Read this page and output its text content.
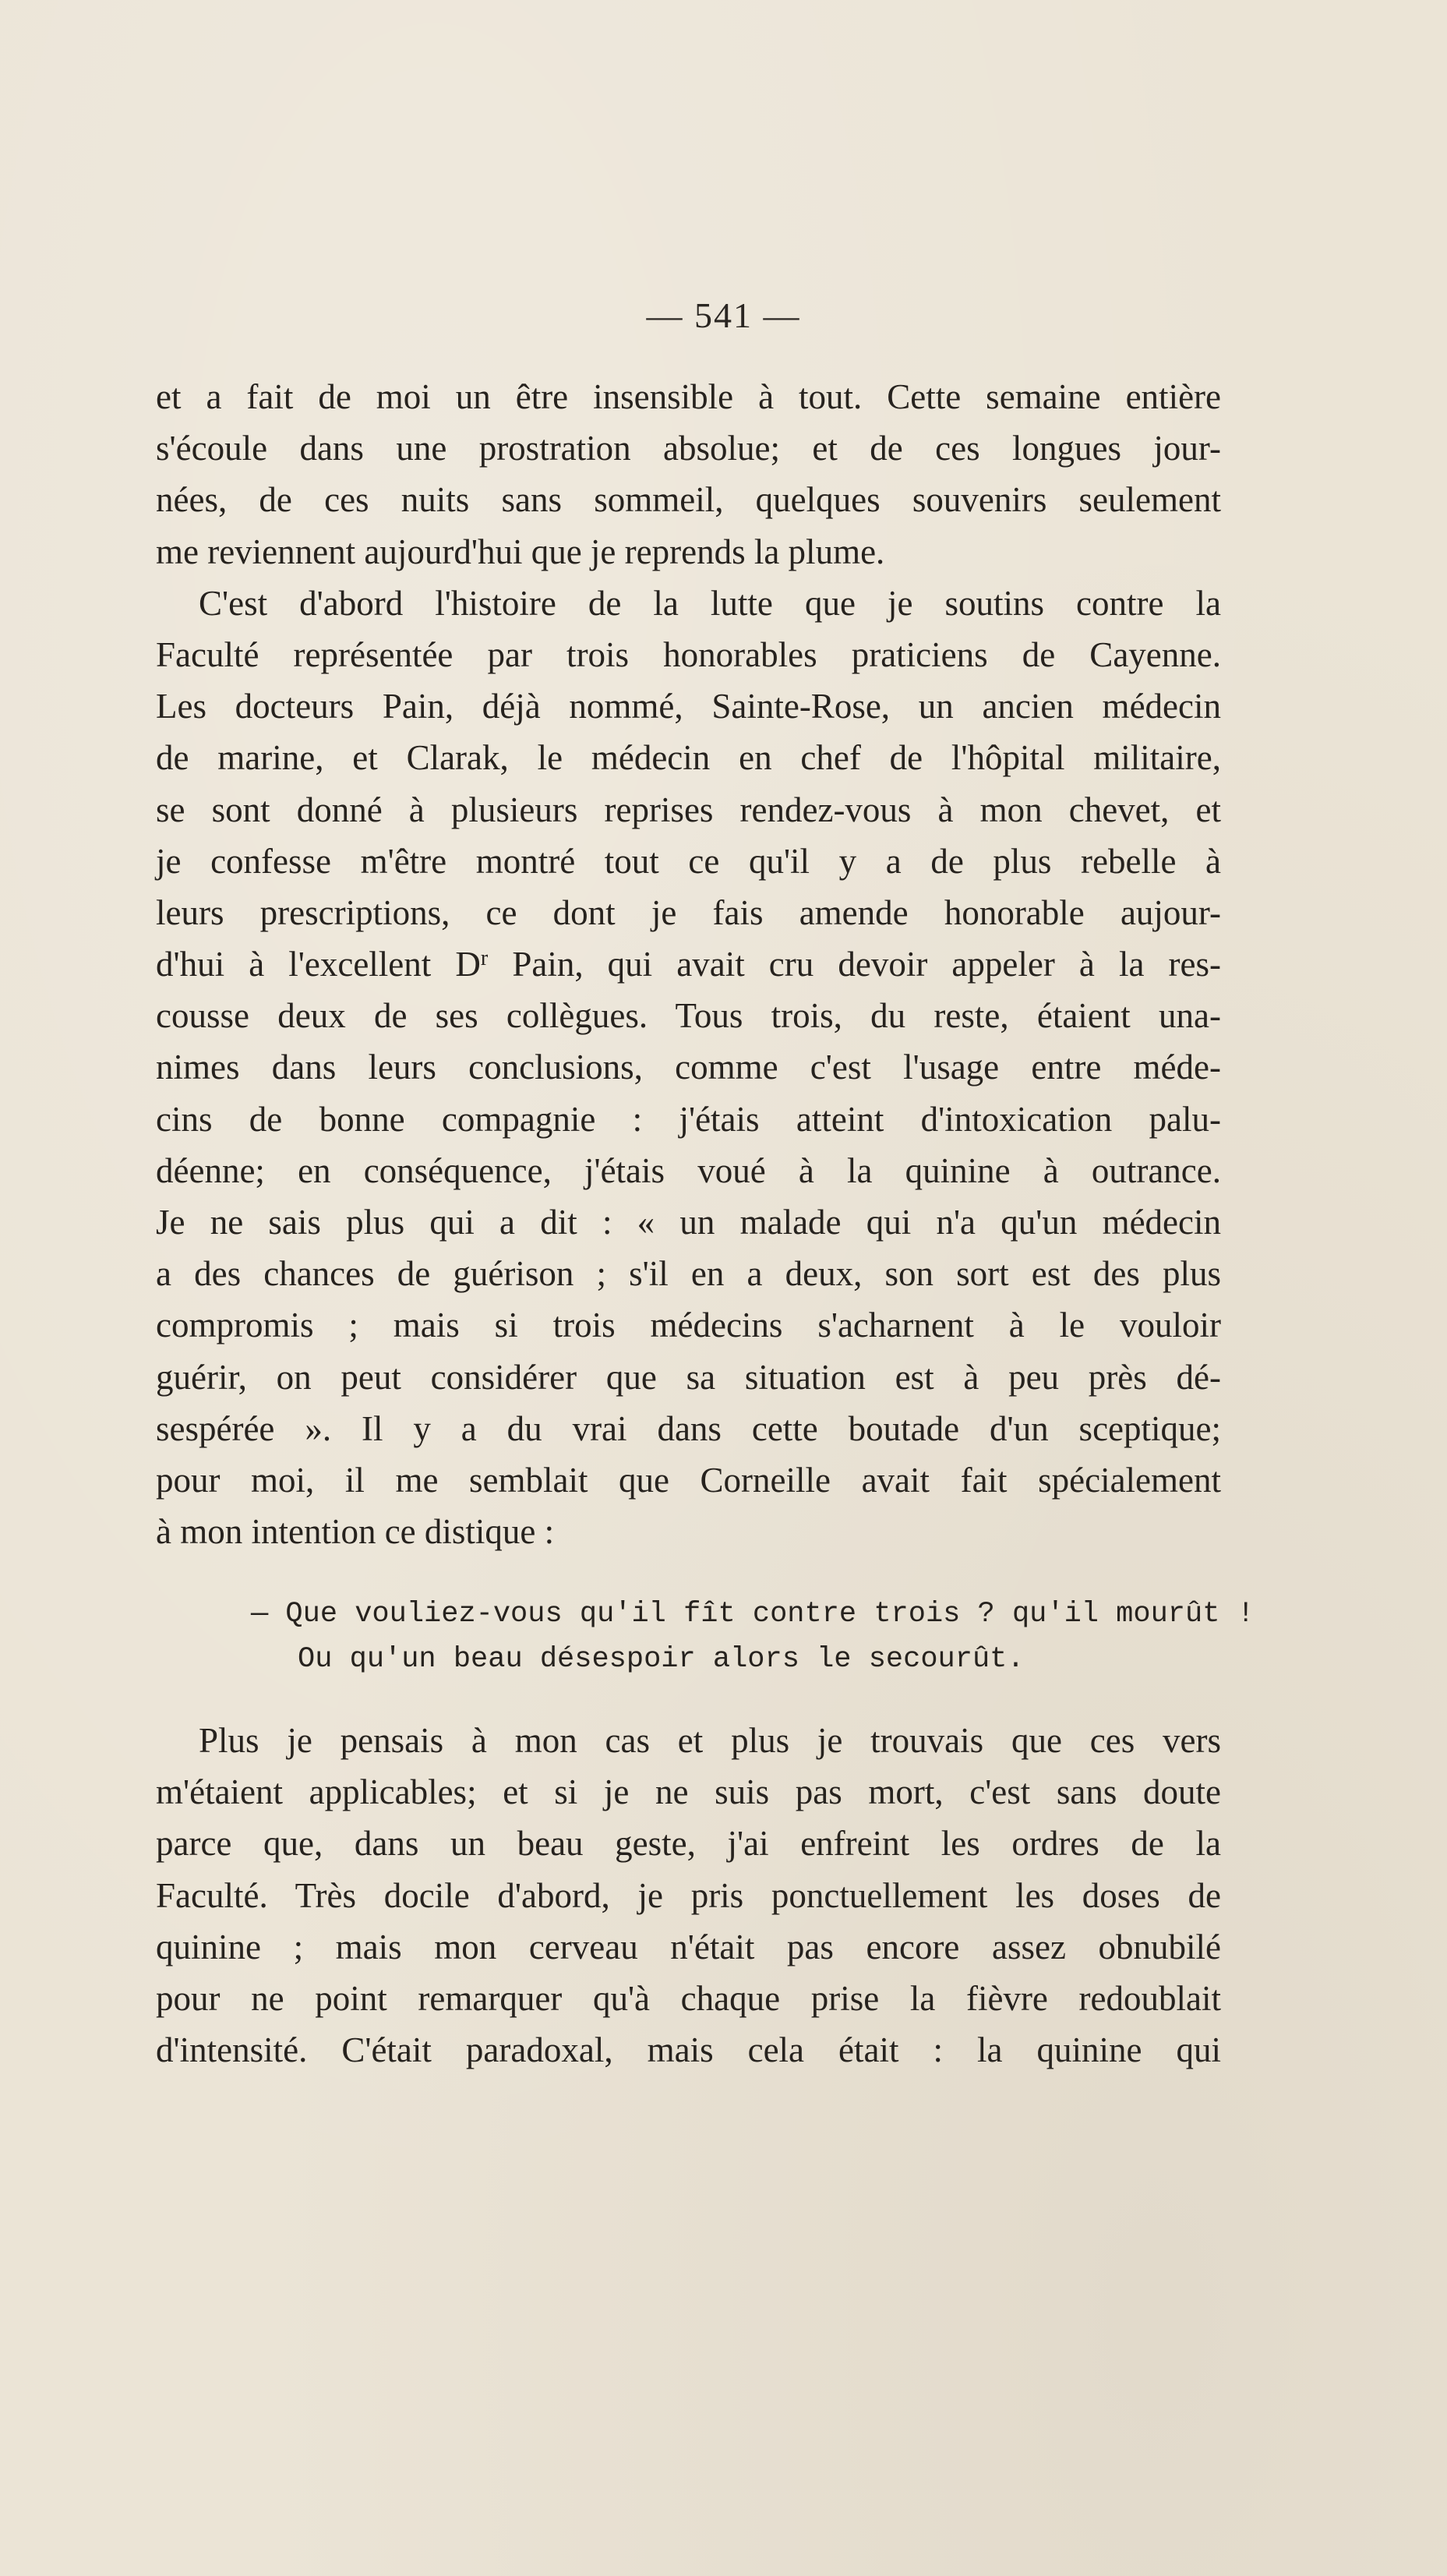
— 541 —
et a fait de moi un être insensible à tout. Cette semaine entière
s'écoule dans une prostration absolue; et de ces longues jour-
nées, de ces nuits sans sommeil, quelques souvenirs seulement
me reviennent aujourd'hui que je reprends la plume.
C'est d'abord l'histoire de la lutte que je soutins contre la
Faculté représentée par trois honorables praticiens de Cayenne.
Les docteurs Pain, déjà nommé, Sainte-Rose, un ancien médecin
de marine, et Clarak, le médecin en chef de l'hôpital militaire,
se sont donné à plusieurs reprises rendez-vous à mon chevet, et
je confesse m'être montré tout ce qu'il y a de plus rebelle à
leurs prescriptions, ce dont je fais amende honorable aujour-
d'hui à l'excellent $D^r$ Pain, qui avait cru devoir appeler à la res-
cousse deux de ses collègues. Tous trois, du reste, étaient una-
nimes dans leurs conclusions, comme c'est l'usage entre méde-
cins de bonne compagnie : j'étais atteint d'intoxication palu-
déenne; en conséquence, j'étais voué à la quinine à outrance.
Je ne sais plus qui a dit : « un malade qui n'a qu'un médecin
a des chances de guérison ; s'il en a deux, son sort est des plus
compromis ; mais si trois médecins s'acharnent à le vouloir
guérir, on peut considérer que sa situation est à peu près dé-
sespérée ». Il y a du vrai dans cette boutade d'un sceptique;
pour moi, il me semblait que Corneille avait fait spécialement
à mon intention ce distique :
— Que vouliez-vous qu'il fît contre trois ? qu'il mourût !
Ou qu'un beau désespoir alors le secourût.
Plus je pensais à mon cas et plus je trouvais que ces vers
m'étaient applicables; et si je ne suis pas mort, c'est sans doute
parce que, dans un beau geste, j'ai enfreint les ordres de la
Faculté. Très docile d'abord, je pris ponctuellement les doses de
quinine ; mais mon cerveau n'était pas encore assez obnubilé
pour ne point remarquer qu'à chaque prise la fièvre redoublait
d'intensité. C'était paradoxal, mais cela était : la quinine qui
